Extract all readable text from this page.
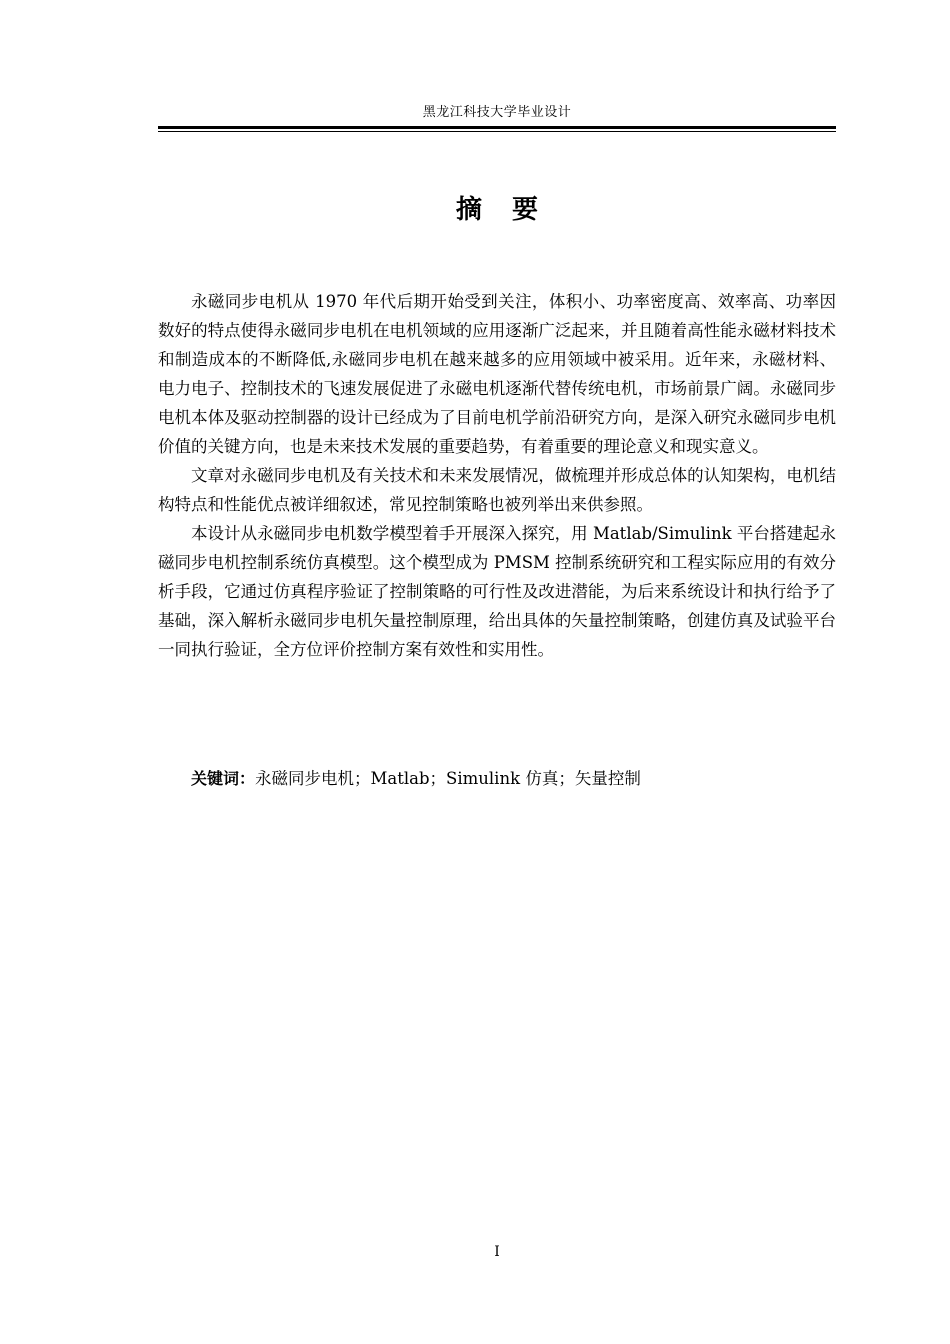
黑龙江科技大学毕业设计
摘要

永磁同步电机从 1970 年代后期开始受到关注，体积小、功率密度高、效率高、功率因数好的特点使得永磁同步电机在电机领域的应用逐渐广泛起来，并且随着高性能永磁材料技术和制造成本的不断降低,永磁同步电机在越来越多的应用领域中被采用。近年来，永磁材料、电力电子、控制技术的飞速发展促进了永磁电机逐渐代替传统电机，市场前景广阔。永磁同步电机本体及驱动控制器的设计已经成为了目前电机学前沿研究方向，是深入研究永磁同步电机价值的关键方向，也是未来技术发展的重要趋势，有着重要的理论意义和现实意义。

文章对永磁同步电机及有关技术和未来发展情况，做梳理并形成总体的认知架构，电机结构特点和性能优点被详细叙述，常见控制策略也被列举出来供参照。

本设计从永磁同步电机数学模型着手开展深入探究，用 Matlab/Simulink 平台搭建起永磁同步电机控制系统仿真模型。这个模型成为 PMSM 控制系统研究和工程实际应用的有效分析手段，它通过仿真程序验证了控制策略的可行性及改进潜能，为后来系统设计和执行给予了基础，深入解析永磁同步电机矢量控制原理，给出具体的矢量控制策略，创建仿真及试验平台一同执行验证，全方位评价控制方案有效性和实用性。

关键词：永磁同步电机；Matlab；Simulink 仿真；矢量控制
I
